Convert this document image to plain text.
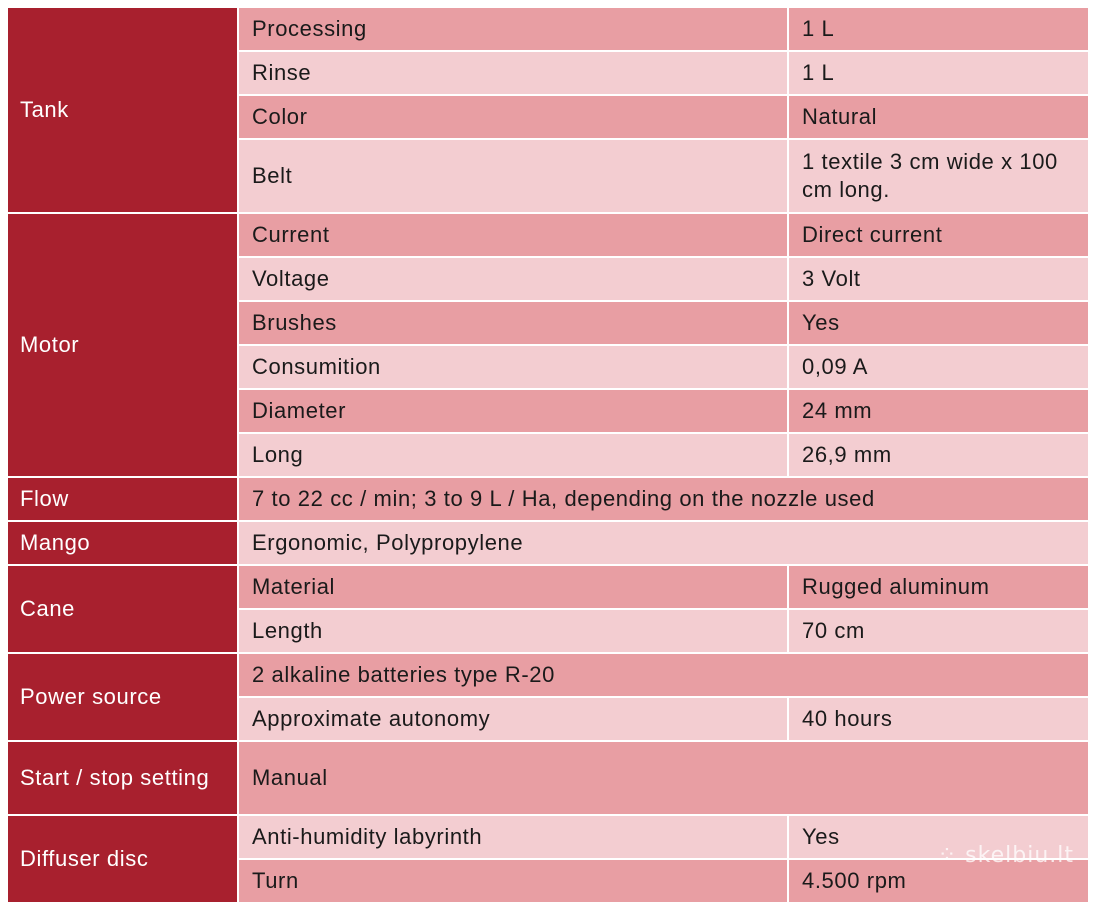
Tank	Processing	1 L
	Rinse	1 L
	Color	Natural
	Belt	1 textile 3 cm wide x 100 cm long.
Motor	Current	Direct current
	Voltage	3 Volt
	Brushes	Yes
	Consumition	0,09 A
	Diameter	24 mm
	Long	26,9 mm
Flow	7 to 22 cc / min; 3 to 9 L / Ha, depending on the nozzle used	
Mango	Ergonomic, Polypropylene	
Cane	Material	Rugged aluminum
	Length	70 cm
Power source	2 alkaline batteries type R-20	
	Approximate autonomy	40 hours
Start / stop setting	Manual	
Diffuser disc	Anti-humidity labyrinth	Yes
	Turn	4.500 rpm
⁘ skelbiu.lt
